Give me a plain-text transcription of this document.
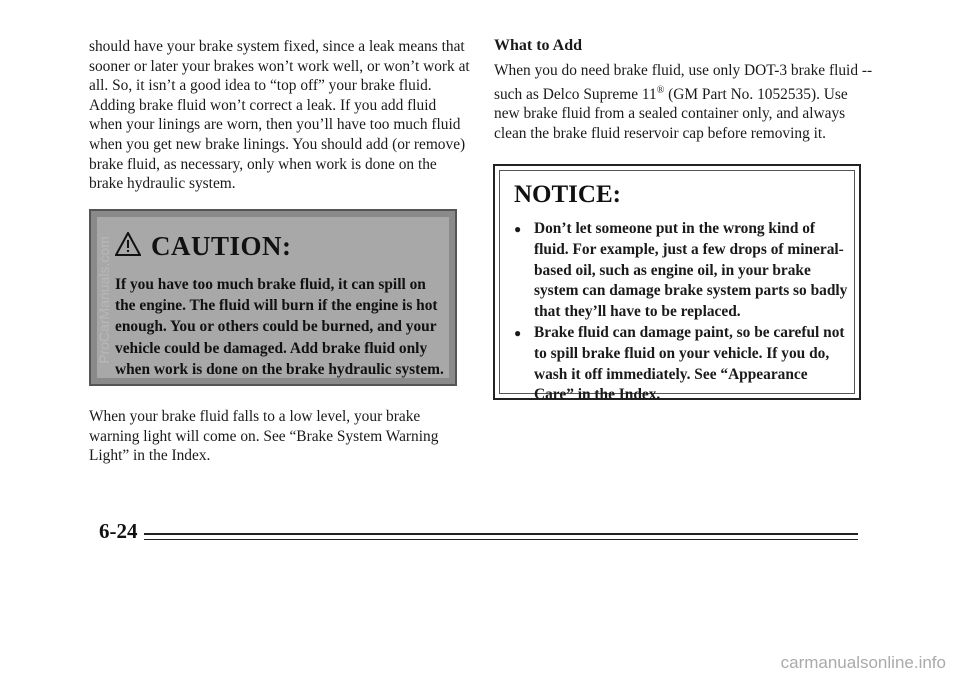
should have your brake system fixed, since a leak means that sooner or later your brakes won’t work well, or won’t work at all. So, it isn’t a good idea to “top off” your brake fluid. Adding brake fluid won’t correct a leak. If you add fluid when your linings are worn, then you’ll have too much fluid when you get new brake linings. You should add (or remove) brake fluid, as necessary, only when work is done on the brake hydraulic system.

CAUTION:

If you have too much brake fluid, it can spill on the engine. The fluid will burn if the engine is hot enough. You or others could be burned, and your vehicle could be damaged. Add brake fluid only when work is done on the brake hydraulic system.

When your brake fluid falls to a low level, your brake warning light will come on. See “Brake System Warning Light” in the Index.

What to Add

When you do need brake fluid, use only DOT-3 brake fluid -- such as Delco Supreme 11® (GM Part No. 1052535). Use new brake fluid from a sealed container only, and always clean the brake fluid reservoir cap before removing it.

NOTICE:

● Don’t let someone put in the wrong kind of fluid. For example, just a few drops of mineral-based oil, such as engine oil, in your brake system can damage brake system parts so badly that they’ll have to be replaced.
● Brake fluid can damage paint, so be careful not to spill brake fluid on your vehicle. If you do, wash it off immediately. See “Appearance Care” in the Index.
ProCarManuals.com

6-24

carmanualsonline.info
